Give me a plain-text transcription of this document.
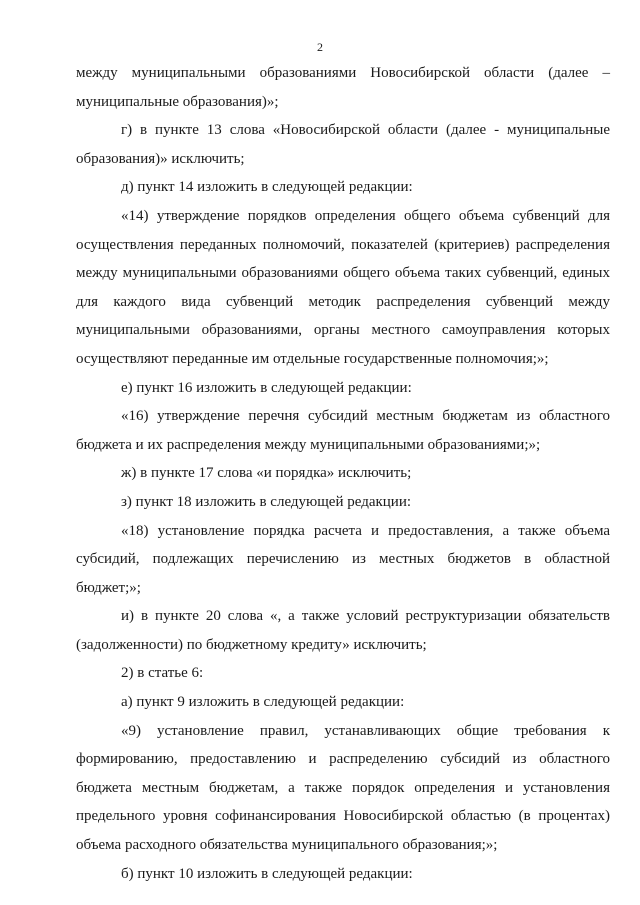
2

между муниципальными образованиями Новосибирской области (далее – муниципальные образования)»;

г) в пункте 13 слова «Новосибирской области (далее - муниципальные образования)» исключить;

д) пункт 14 изложить в следующей редакции:

«14) утверждение порядков определения общего объема субвенций для осуществления переданных полномочий, показателей (критериев) распределения между муниципальными образованиями общего объема таких субвенций, единых для каждого вида субвенций методик распределения субвенций между муниципальными образованиями, органы местного самоуправления которых осуществляют переданные им отдельные государственные полномочия;»;

е) пункт 16 изложить в следующей редакции:

«16) утверждение перечня субсидий местным бюджетам из областного бюджета и их распределения между муниципальными образованиями;»;

ж) в пункте 17 слова «и порядка» исключить;

з) пункт 18 изложить в следующей редакции:

«18) установление порядка расчета и предоставления, а также объема субсидий, подлежащих перечислению из местных бюджетов в областной бюджет;»;

и) в пункте 20 слова «, а также условий реструктуризации обязательств (задолженности) по бюджетному кредиту» исключить;

2) в статье 6:

а) пункт 9 изложить в следующей редакции:

«9) установление правил, устанавливающих общие требования к формированию, предоставлению и распределению субсидий из областного бюджета местным бюджетам, а также порядок определения и установления предельного уровня софинансирования Новосибирской областью (в процентах) объема расходного обязательства муниципального образования;»;

б) пункт 10 изложить в следующей редакции:
